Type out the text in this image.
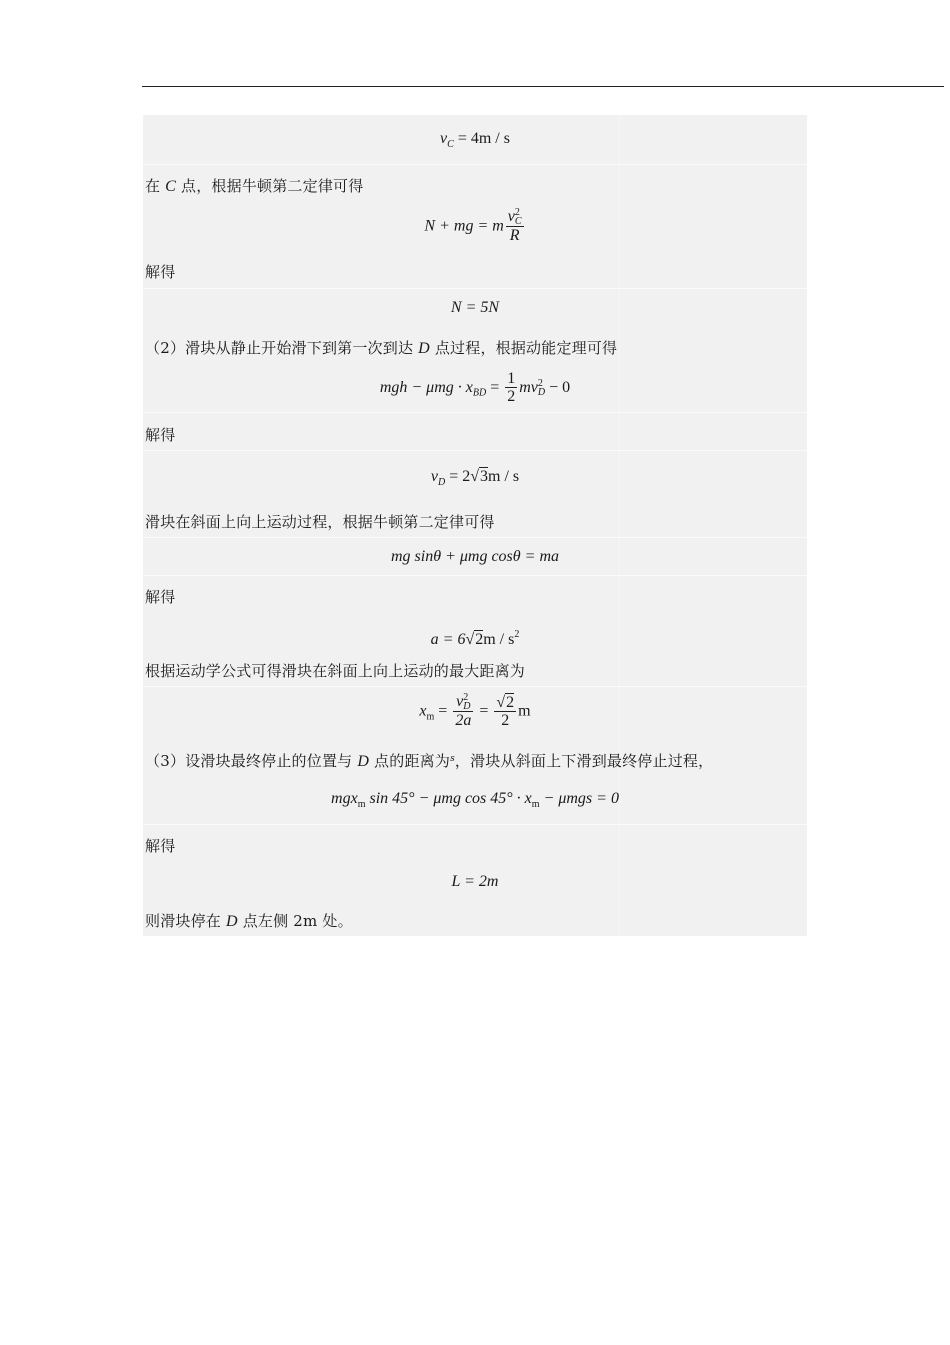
$v_C = 4m / s$
在 C 点，根据牛顿第二定律可得
N + mg = m v 2
C
R
解得
N = 5N
（2）滑块从静止开始滑下到第一次到达 D 点过程，根据动能定理可得
mgh − $\mu mg \cdot x_{BD} = \frac{1}{2}$ mv 2
D − 0
解得
$v_D = 2√3m / s$
滑块在斜面上向上运动过程，根据牛顿第二定律可得
mg sinθ + μmg cosθ = ma
解得
$a = 6√2m / s^2$
根据运动学公式可得滑块在斜面上向上运动的最大距离为
$x_m = v$ 2
D
$2a = \frac{√2}{2}$ m
（3）设滑块最终停止的位置与 D 点的距离为$^s$，滑块从斜面上下滑到最终停止过程，
mgx$_m$ sin 45° − μmg $\cos 45^\circ \cdot x_m - \mu mgs = 0$
解得
L = 2m
则滑块停在 D 点左侧 2m 处。
